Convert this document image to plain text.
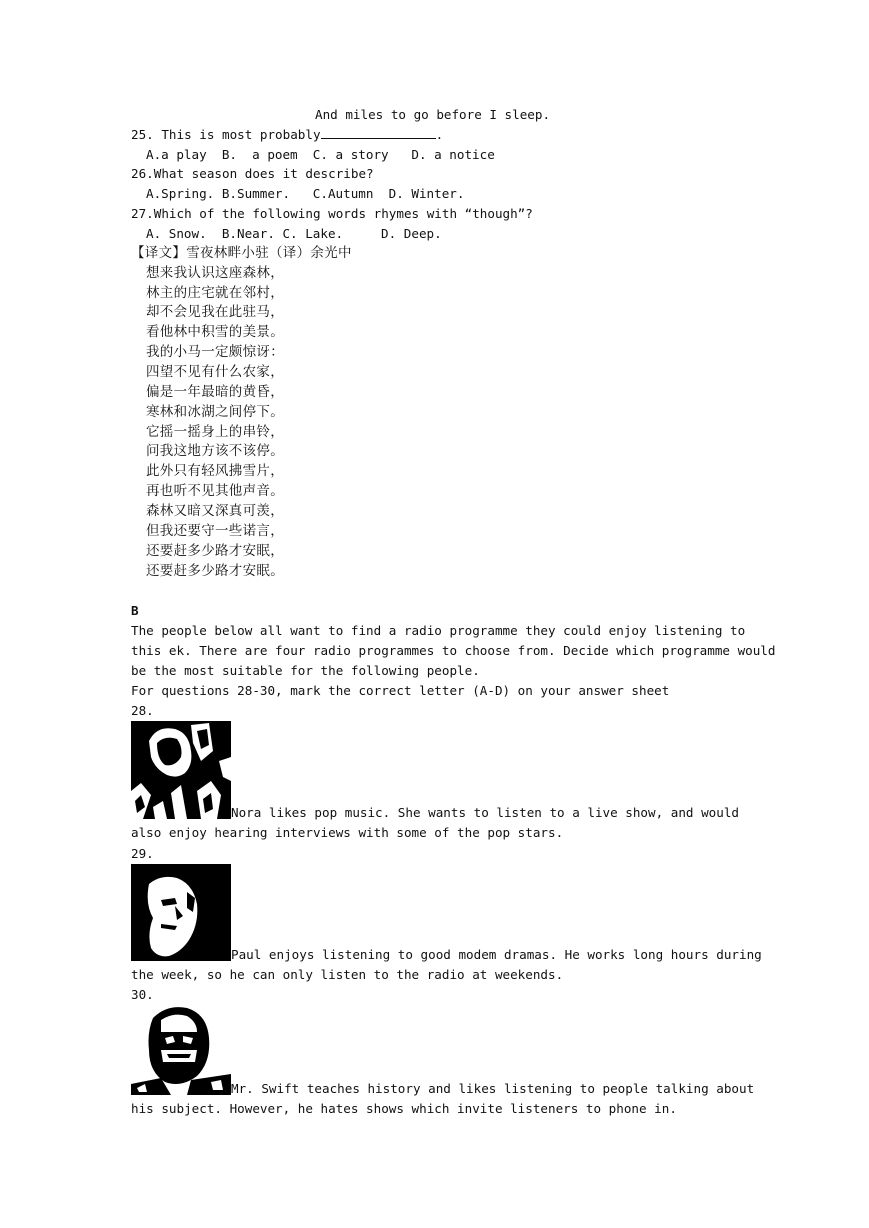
And miles to go before I sleep.
25. This is most probably	.
A.a play  B.  a poem  C. a story   D. a notice
26.What season does it describe?
A.Spring. B.Summer.   C.Autumn  D. Winter.
27.Which of the following words rhymes with “though”?
A. Snow.  B.Near. C. Lake.     D. Deep.
【译文】雪夜林畔小驻（译）余光中
想来我认识这座森林，
林主的庄宅就在邻村，
却不会见我在此驻马，
看他林中积雪的美景。
我的小马一定颇惊讶：
四望不见有什么农家，
偏是一年最暗的黄昏，
寒林和冰湖之间停下。
它摇一摇身上的串铃，
问我这地方该不该停。
此外只有轻风拂雪片，
再也听不见其他声音。
森林又暗又深真可羡，
但我还要守一些诺言，
还要赶多少路才安眠，
还要赶多少路才安眠。
B
The people below all want to find a radio programme they could enjoy listening to
this ek. There are four radio programmes to choose from. Decide which programme would
be the most suitable for the following people.
For questions 28-30, mark the correct letter (A-D) on your answer sheet
28.
Nora likes pop music. She wants to listen to a live show, and would
also enjoy hearing interviews with some of the pop stars.
29.
Paul enjoys listening to good modem dramas. He works long hours during
the week, so he can only listen to the radio at weekends.
30.
Mr. Swift teaches history and likes listening to people talking about
his subject. However, he hates shows which invite listeners to phone in.
